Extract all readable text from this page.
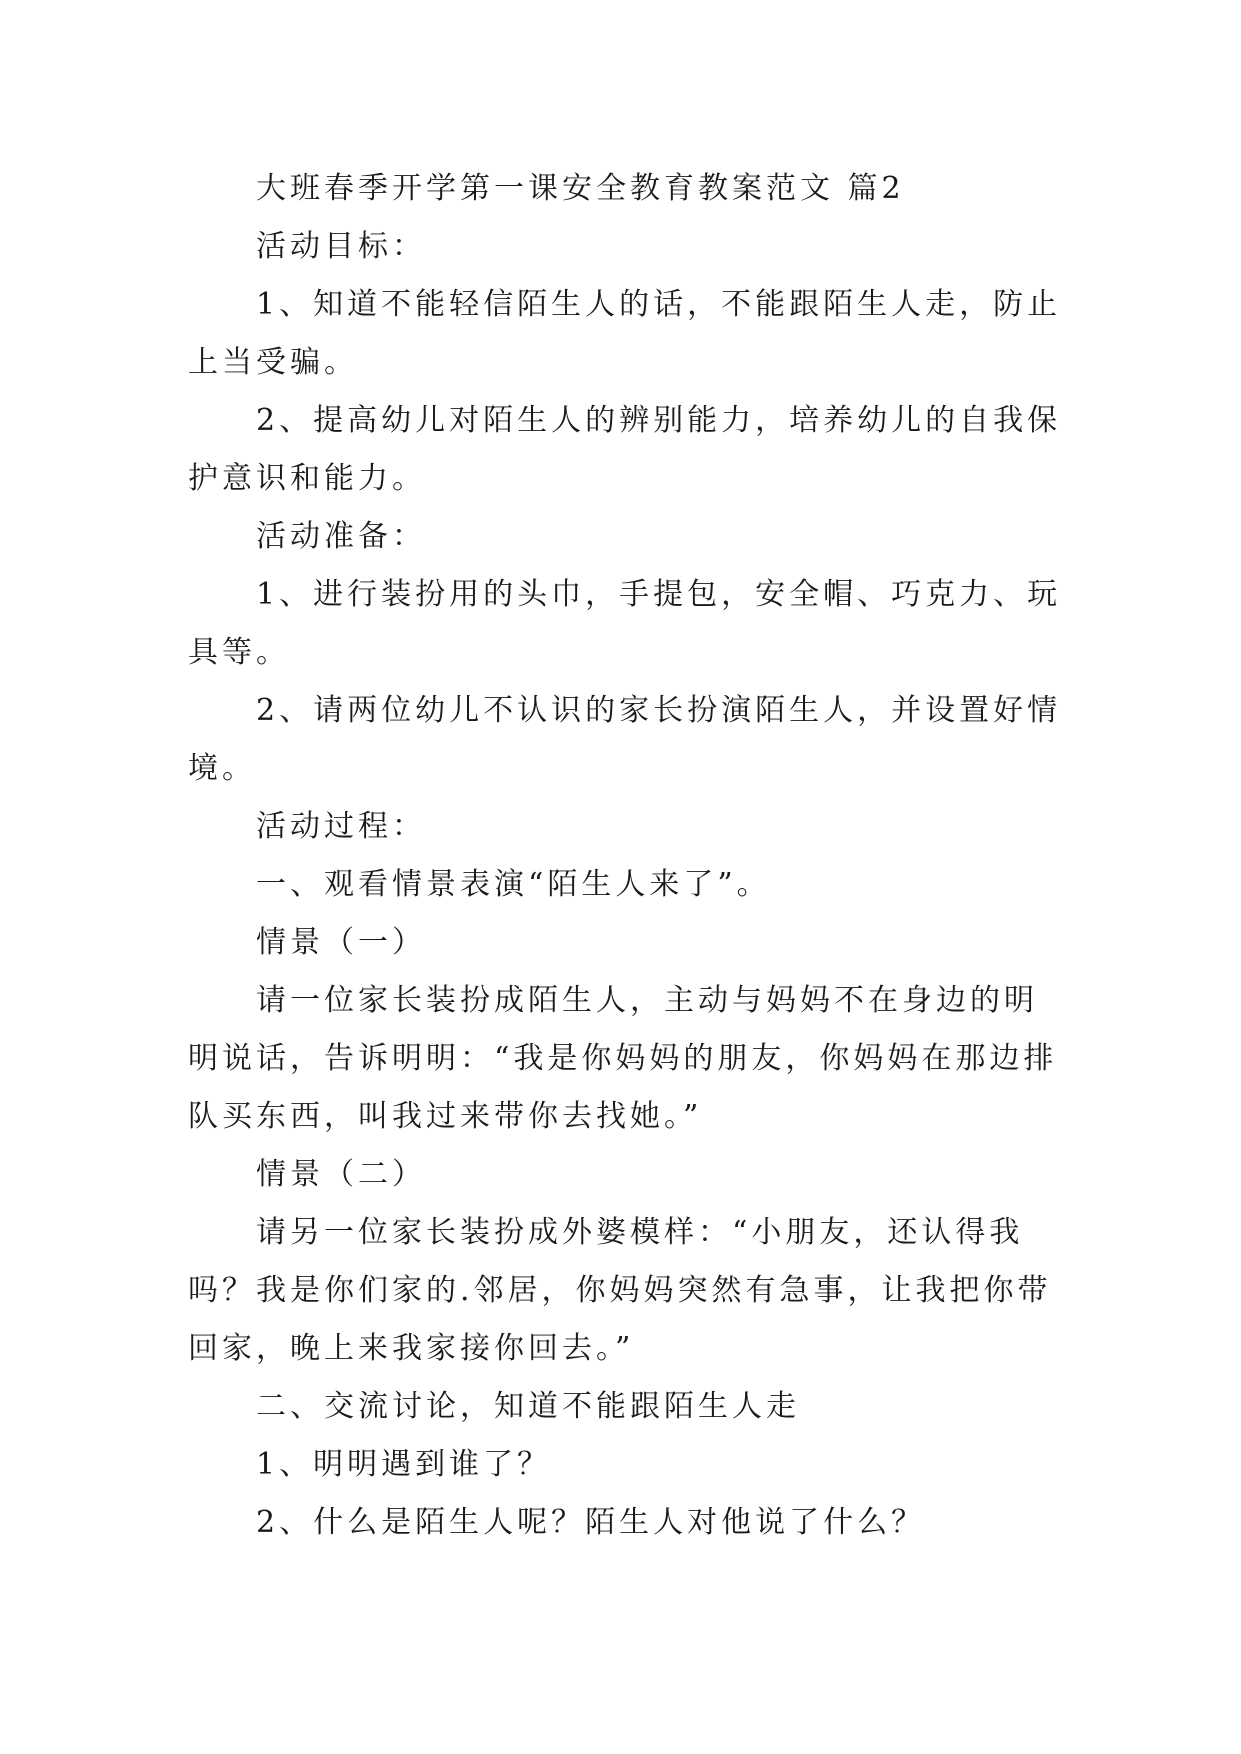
大班春季开学第一课安全教育教案范文 篇2

活动目标：

1、知道不能轻信陌生人的话，不能跟陌生人走，防止上当受骗。

2、提高幼儿对陌生人的辨别能力，培养幼儿的自我保护意识和能力。

活动准备：

1、进行装扮用的头巾，手提包，安全帽、巧克力、玩具等。

2、请两位幼儿不认识的家长扮演陌生人，并设置好情境。

活动过程：

一、观看情景表演“陌生人来了”。

情景（一）

请一位家长装扮成陌生人，主动与妈妈不在身边的明明说话，告诉明明：“我是你妈妈的朋友，你妈妈在那边排队买东西，叫我过来带你去找她。”

情景（二）

请另一位家长装扮成外婆模样：“小朋友，还认得我吗？我是你们家的.邻居，你妈妈突然有急事，让我把你带回家，晚上来我家接你回去。”

二、交流讨论，知道不能跟陌生人走

1、明明遇到谁了？

2、什么是陌生人呢？陌生人对他说了什么？
